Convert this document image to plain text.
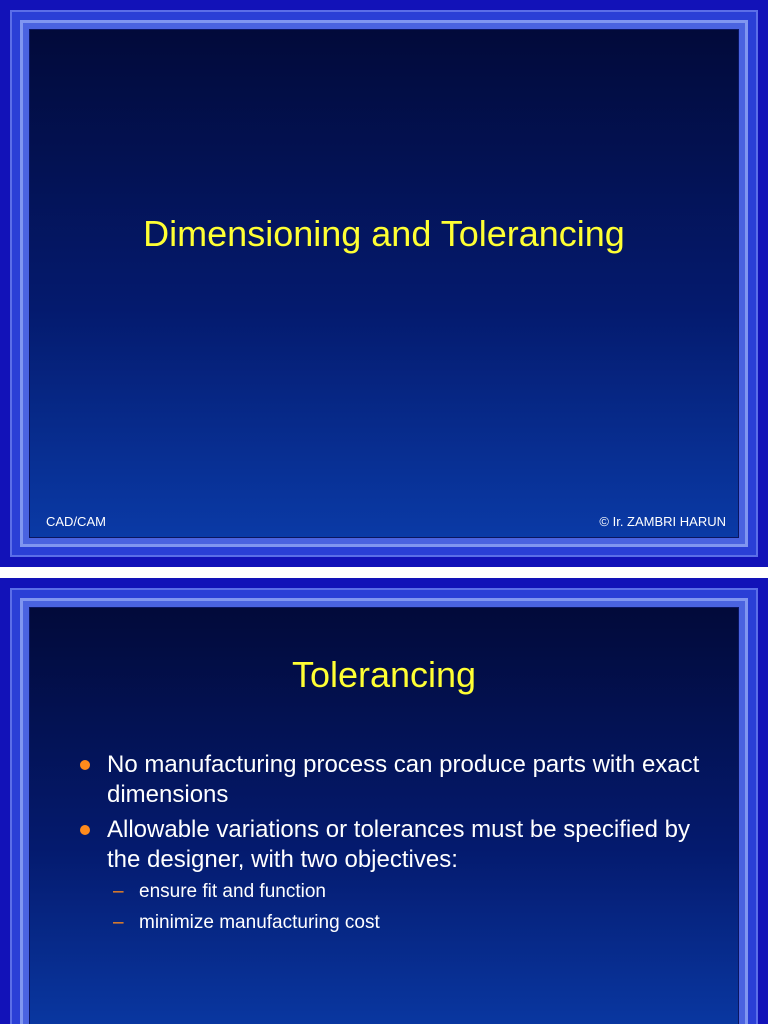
Dimensioning and Tolerancing
CAD/CAM	© Ir. ZAMBRI HARUN
Tolerancing
No manufacturing process can produce parts with exact dimensions
Allowable variations or tolerances must be specified by the designer, with two objectives:
– ensure fit and function
– minimize manufacturing cost
